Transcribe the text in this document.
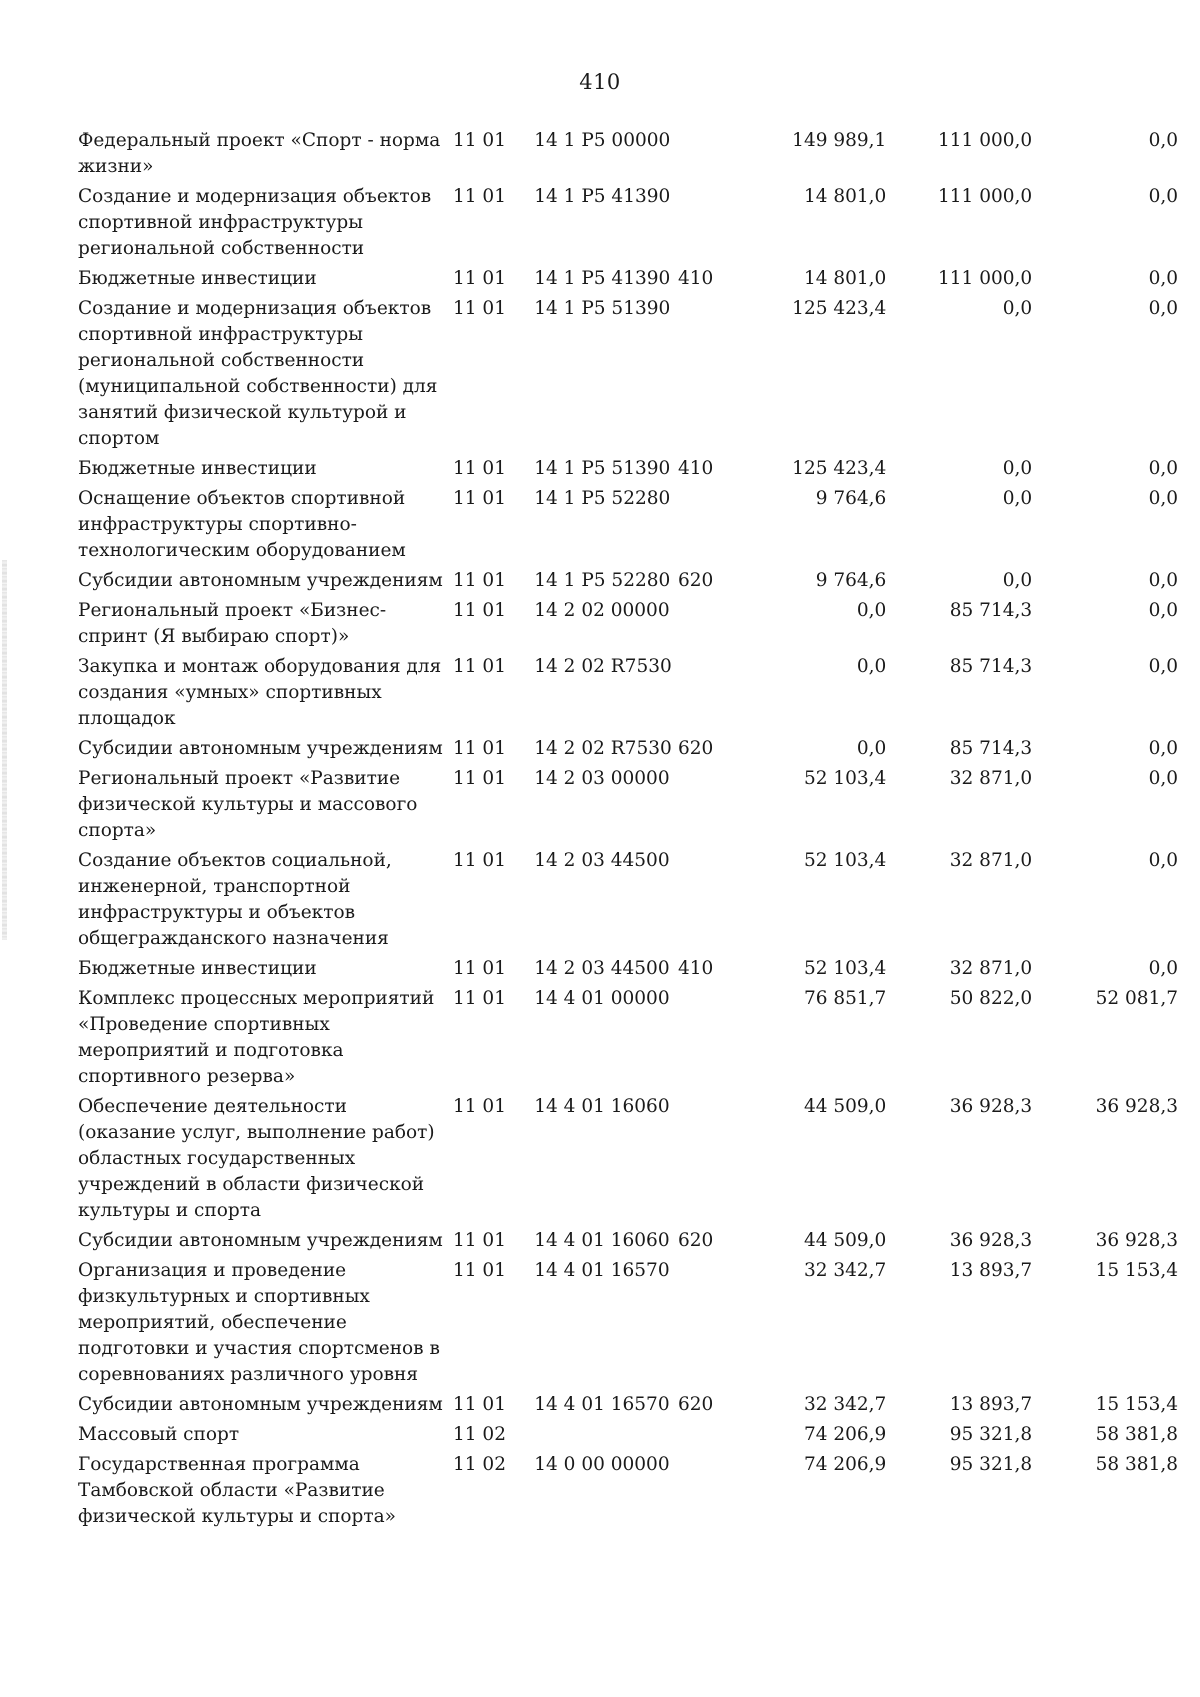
410
Федеральный проект «Спорт - норма жизни»	11 01	14 1 P5 00000		149 989,1	111 000,0	0,0
Создание и модернизация объектов спортивной инфраструктуры региональной собственности	11 01	14 1 P5 41390		14 801,0	111 000,0	0,0
Бюджетные инвестиции	11 01	14 1 P5 41390	410	14 801,0	111 000,0	0,0
Создание и модернизация объектов спортивной инфраструктуры региональной собственности (муниципальной собственности) для занятий физической культурой и спортом	11 01	14 1 P5 51390		125 423,4	0,0	0,0
Бюджетные инвестиции	11 01	14 1 P5 51390	410	125 423,4	0,0	0,0
Оснащение объектов спортивной инфраструктуры спортивно-технологическим оборудованием	11 01	14 1 P5 52280		9 764,6	0,0	0,0
Субсидии автономным учреждениям	11 01	14 1 P5 52280	620	9 764,6	0,0	0,0
Региональный проект «Бизнес-спринт (Я выбираю спорт)»	11 01	14 2 02 00000		0,0	85 714,3	0,0
Закупка и монтаж оборудования для создания «умных» спортивных площадок	11 01	14 2 02 R7530		0,0	85 714,3	0,0
Субсидии автономным учреждениям	11 01	14 2 02 R7530	620	0,0	85 714,3	0,0
Региональный проект «Развитие физической культуры и массового спорта»	11 01	14 2 03 00000		52 103,4	32 871,0	0,0
Создание объектов социальной, инженерной, транспортной инфраструктуры и объектов общегражданского назначения	11 01	14 2 03 44500		52 103,4	32 871,0	0,0
Бюджетные инвестиции	11 01	14 2 03 44500	410	52 103,4	32 871,0	0,0
Комплекс процессных мероприятий «Проведение спортивных мероприятий и подготовка спортивного резерва»	11 01	14 4 01 00000		76 851,7	50 822,0	52 081,7
Обеспечение деятельности (оказание услуг, выполнение работ) областных государственных учреждений в области физической культуры и спорта	11 01	14 4 01 16060		44 509,0	36 928,3	36 928,3
Субсидии автономным учреждениям	11 01	14 4 01 16060	620	44 509,0	36 928,3	36 928,3
Организация и проведение физкультурных и спортивных мероприятий, обеспечение подготовки и участия спортсменов в соревнованиях различного уровня	11 01	14 4 01 16570		32 342,7	13 893,7	15 153,4
Субсидии автономным учреждениям	11 01	14 4 01 16570	620	32 342,7	13 893,7	15 153,4
Массовый спорт	11 02			74 206,9	95 321,8	58 381,8
Государственная программа Тамбовской области «Развитие физической культуры и спорта»	11 02	14 0 00 00000		74 206,9	95 321,8	58 381,8
